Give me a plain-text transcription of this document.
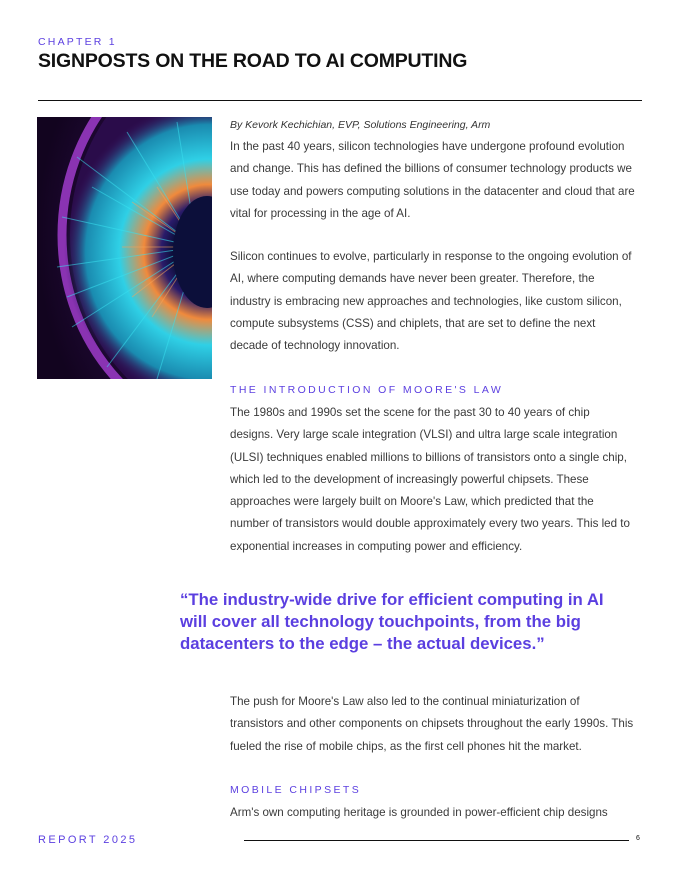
CHAPTER 1
SIGNPOSTS ON THE ROAD TO AI COMPUTING
By Kevork Kechichian, EVP, Solutions Engineering, Arm
In the past 40 years, silicon technologies have undergone profound evolution and change. This has defined the billions of consumer technology products we use today and powers computing solutions in the datacenter and cloud that are vital for processing in the age of AI.
Silicon continues to evolve, particularly in response to the ongoing evolution of AI, where computing demands have never been greater. Therefore, the industry is embracing new approaches and technologies, like custom silicon, compute subsystems (CSS) and chiplets, that are set to define the next decade of technology innovation.
THE INTRODUCTION OF MOORE'S LAW
The 1980s and 1990s set the scene for the past 30 to 40 years of chip designs. Very large scale integration (VLSI) and ultra large scale integration (ULSI) techniques enabled millions to billions of transistors onto a single chip, which led to the development of increasingly powerful chipsets. These approaches were largely built on Moore's Law, which predicted that the number of transistors would double approximately every two years. This led to exponential increases in computing power and efficiency.
“The industry-wide drive for efficient computing in AI will cover all technology touchpoints, from the big datacenters to the edge – the actual devices.”
The push for Moore's Law also led to the continual miniaturization of transistors and other components on chipsets throughout the early 1990s. This fueled the rise of mobile chips, as the first cell phones hit the market.
MOBILE CHIPSETS
Arm's own computing heritage is grounded in power-efficient chip designs
REPORT 2025	6
